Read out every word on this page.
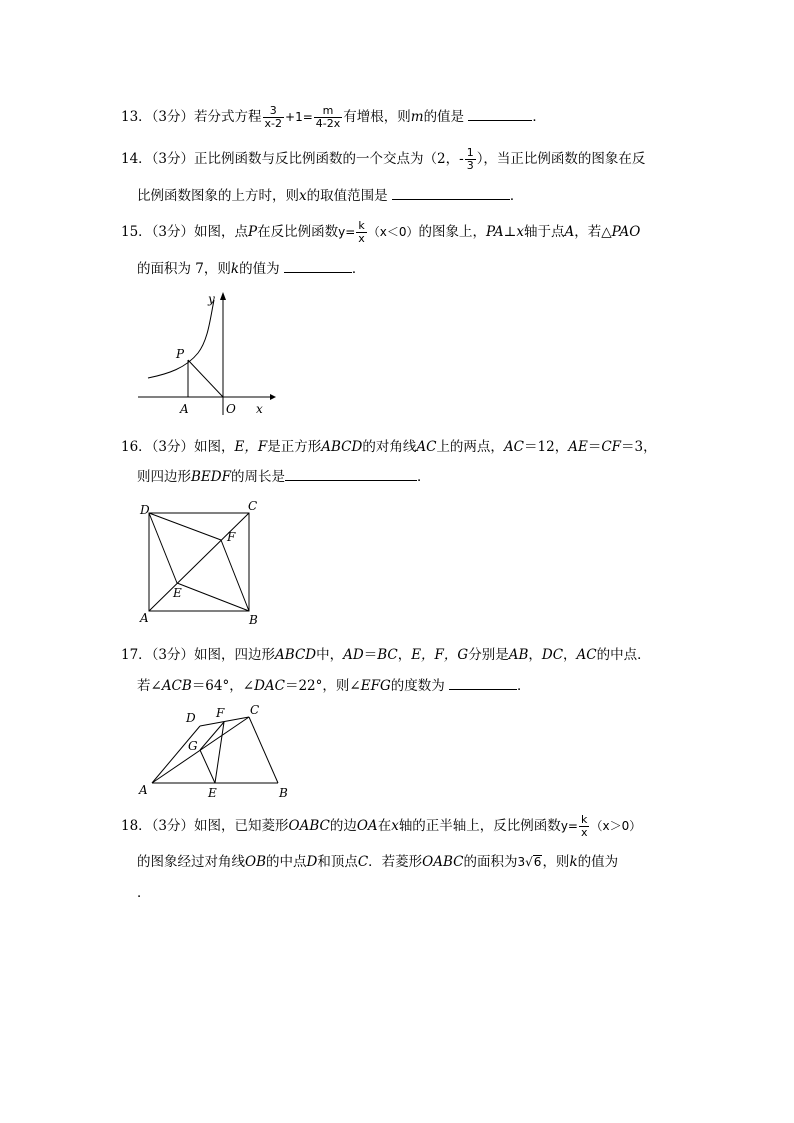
13．（3分）若分式方程 $\frac{3}{x-2} +1= \frac{m}{4-2x}$ 有增根，则m的值是	．
14．（3分）正比例函数与反比例函数的一个交点为（2，- $\frac{1}{3}$ ），当正比例函数的图象在反
比例函数图象的上方时，则x的取值范围是	．
15．（3分）如图，点P在反比例函数$y= \frac{k}{x} (x<0)$的图象上，PA⊥x轴于点A，若△PAO
的面积为 7，则k的值为	．
y
P
A	O x
16．（3分）如图，E，F是正方形ABCD的对角线AC上的两点，AC＝12，AE＝CF＝3，
则四边形BEDF的周长是	．
D	C
F
E
A	B
17．（3分）如图，四边形ABCD中，AD＝BC，E，F，G分别是AB，DC，AC的中点．
若∠ACB＝64°，∠DAC＝22°，则∠EFG的度数为	．
D F C
G
A	E	B
18．（3分）如图，已知菱形OABC的边OA在x轴的正半轴上，反比例函数$y= \frac{k}{x} (x>0)$
的图象经过对角线OB的中点D和顶点C．若菱形OABC的面积为3√6，则k的值为
．
